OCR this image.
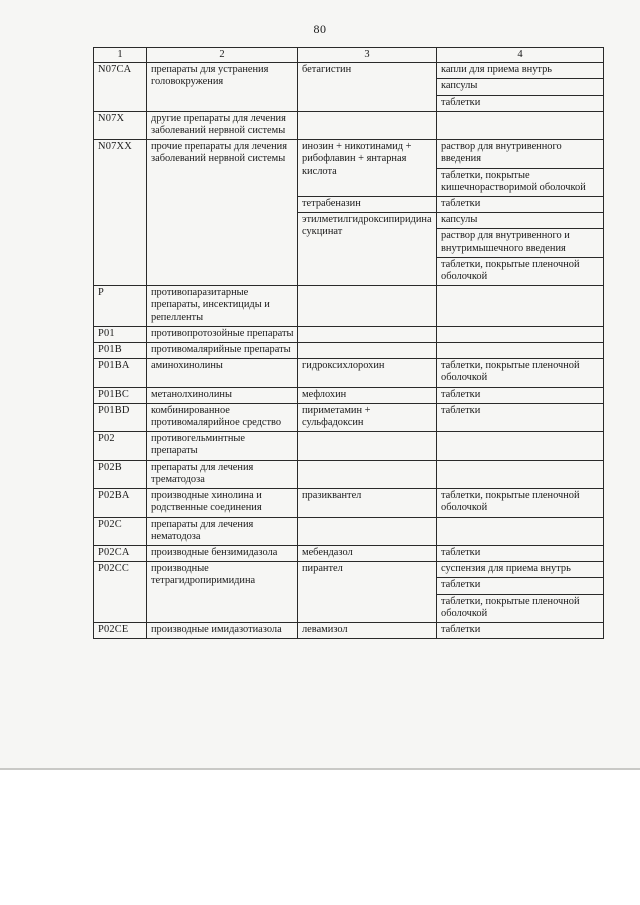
80
1	2	3	4
N07CA	препараты для устранения головокружения	бетагистин	капли для приема внутрь
			капсулы
			таблетки
N07X	другие препараты для лечения заболеваний нервной системы		
N07XX	прочие препараты для лечения заболеваний нервной системы	инозин + никотинамид + рибофлавин + янтарная кислота	раствор для внутривенного введения
			таблетки, покрытые кишечнорастворимой оболочкой
		тетрабеназин	таблетки
		этилметилгидроксипиридина сукцинат	капсулы
			раствор для внутривенного и внутримышечного введения
			таблетки, покрытые пленочной оболочкой
P	противопаразитарные препараты, инсектициды и репелленты		
P01	противопротозойные препараты		
P01B	противомалярийные препараты		
P01BA	аминохинолины	гидроксихлорохин	таблетки, покрытые пленочной оболочкой
P01BC	метанолхинолины	мефлохин	таблетки
P01BD	комбинированное противомалярийное средство	пириметамин + сульфадоксин	таблетки
P02	противогельминтные препараты		
P02B	препараты для лечения трематодоза		
P02BA	производные хинолина и родственные соединения	празиквантел	таблетки, покрытые пленочной оболочкой
P02C	препараты для лечения нематодоза		
P02CA	производные бензимидазола	мебендазол	таблетки
P02CC	производные тетрагидропиримидина	пирантел	суспензия для приема внутрь
			таблетки
			таблетки, покрытые пленочной оболочкой
P02CE	производные имидазотиазола	левамизол	таблетки
